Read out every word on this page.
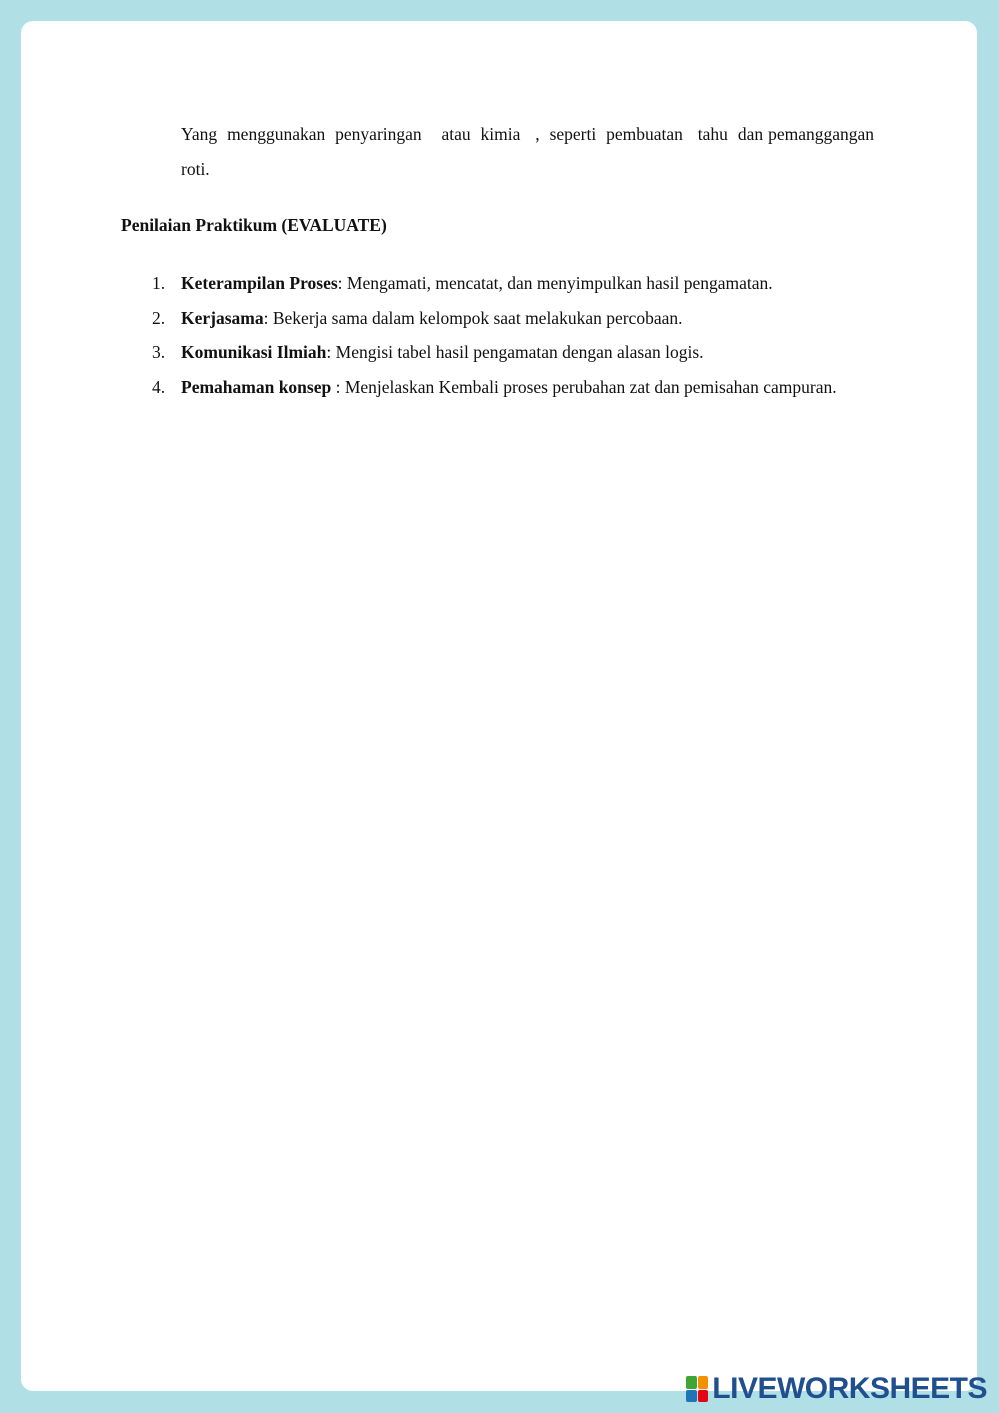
Yang  menggunakan  penyaringan    atau  kimia   ,  seperti  pembuatan   tahu  dan pemanggangan roti.

Penilaian Praktikum (EVALUATE)
1. Keterampilan Proses: Mengamati, mencatat, dan menyimpulkan hasil pengamatan.
2. Kerjasama: Bekerja sama dalam kelompok saat melakukan percobaan.
3. Komunikasi Ilmiah: Mengisi tabel hasil pengamatan dengan alasan logis.
4. Pemahaman konsep : Menjelaskan Kembali proses perubahan zat dan pemisahan campuran.
LIVEWORKSHEETS
